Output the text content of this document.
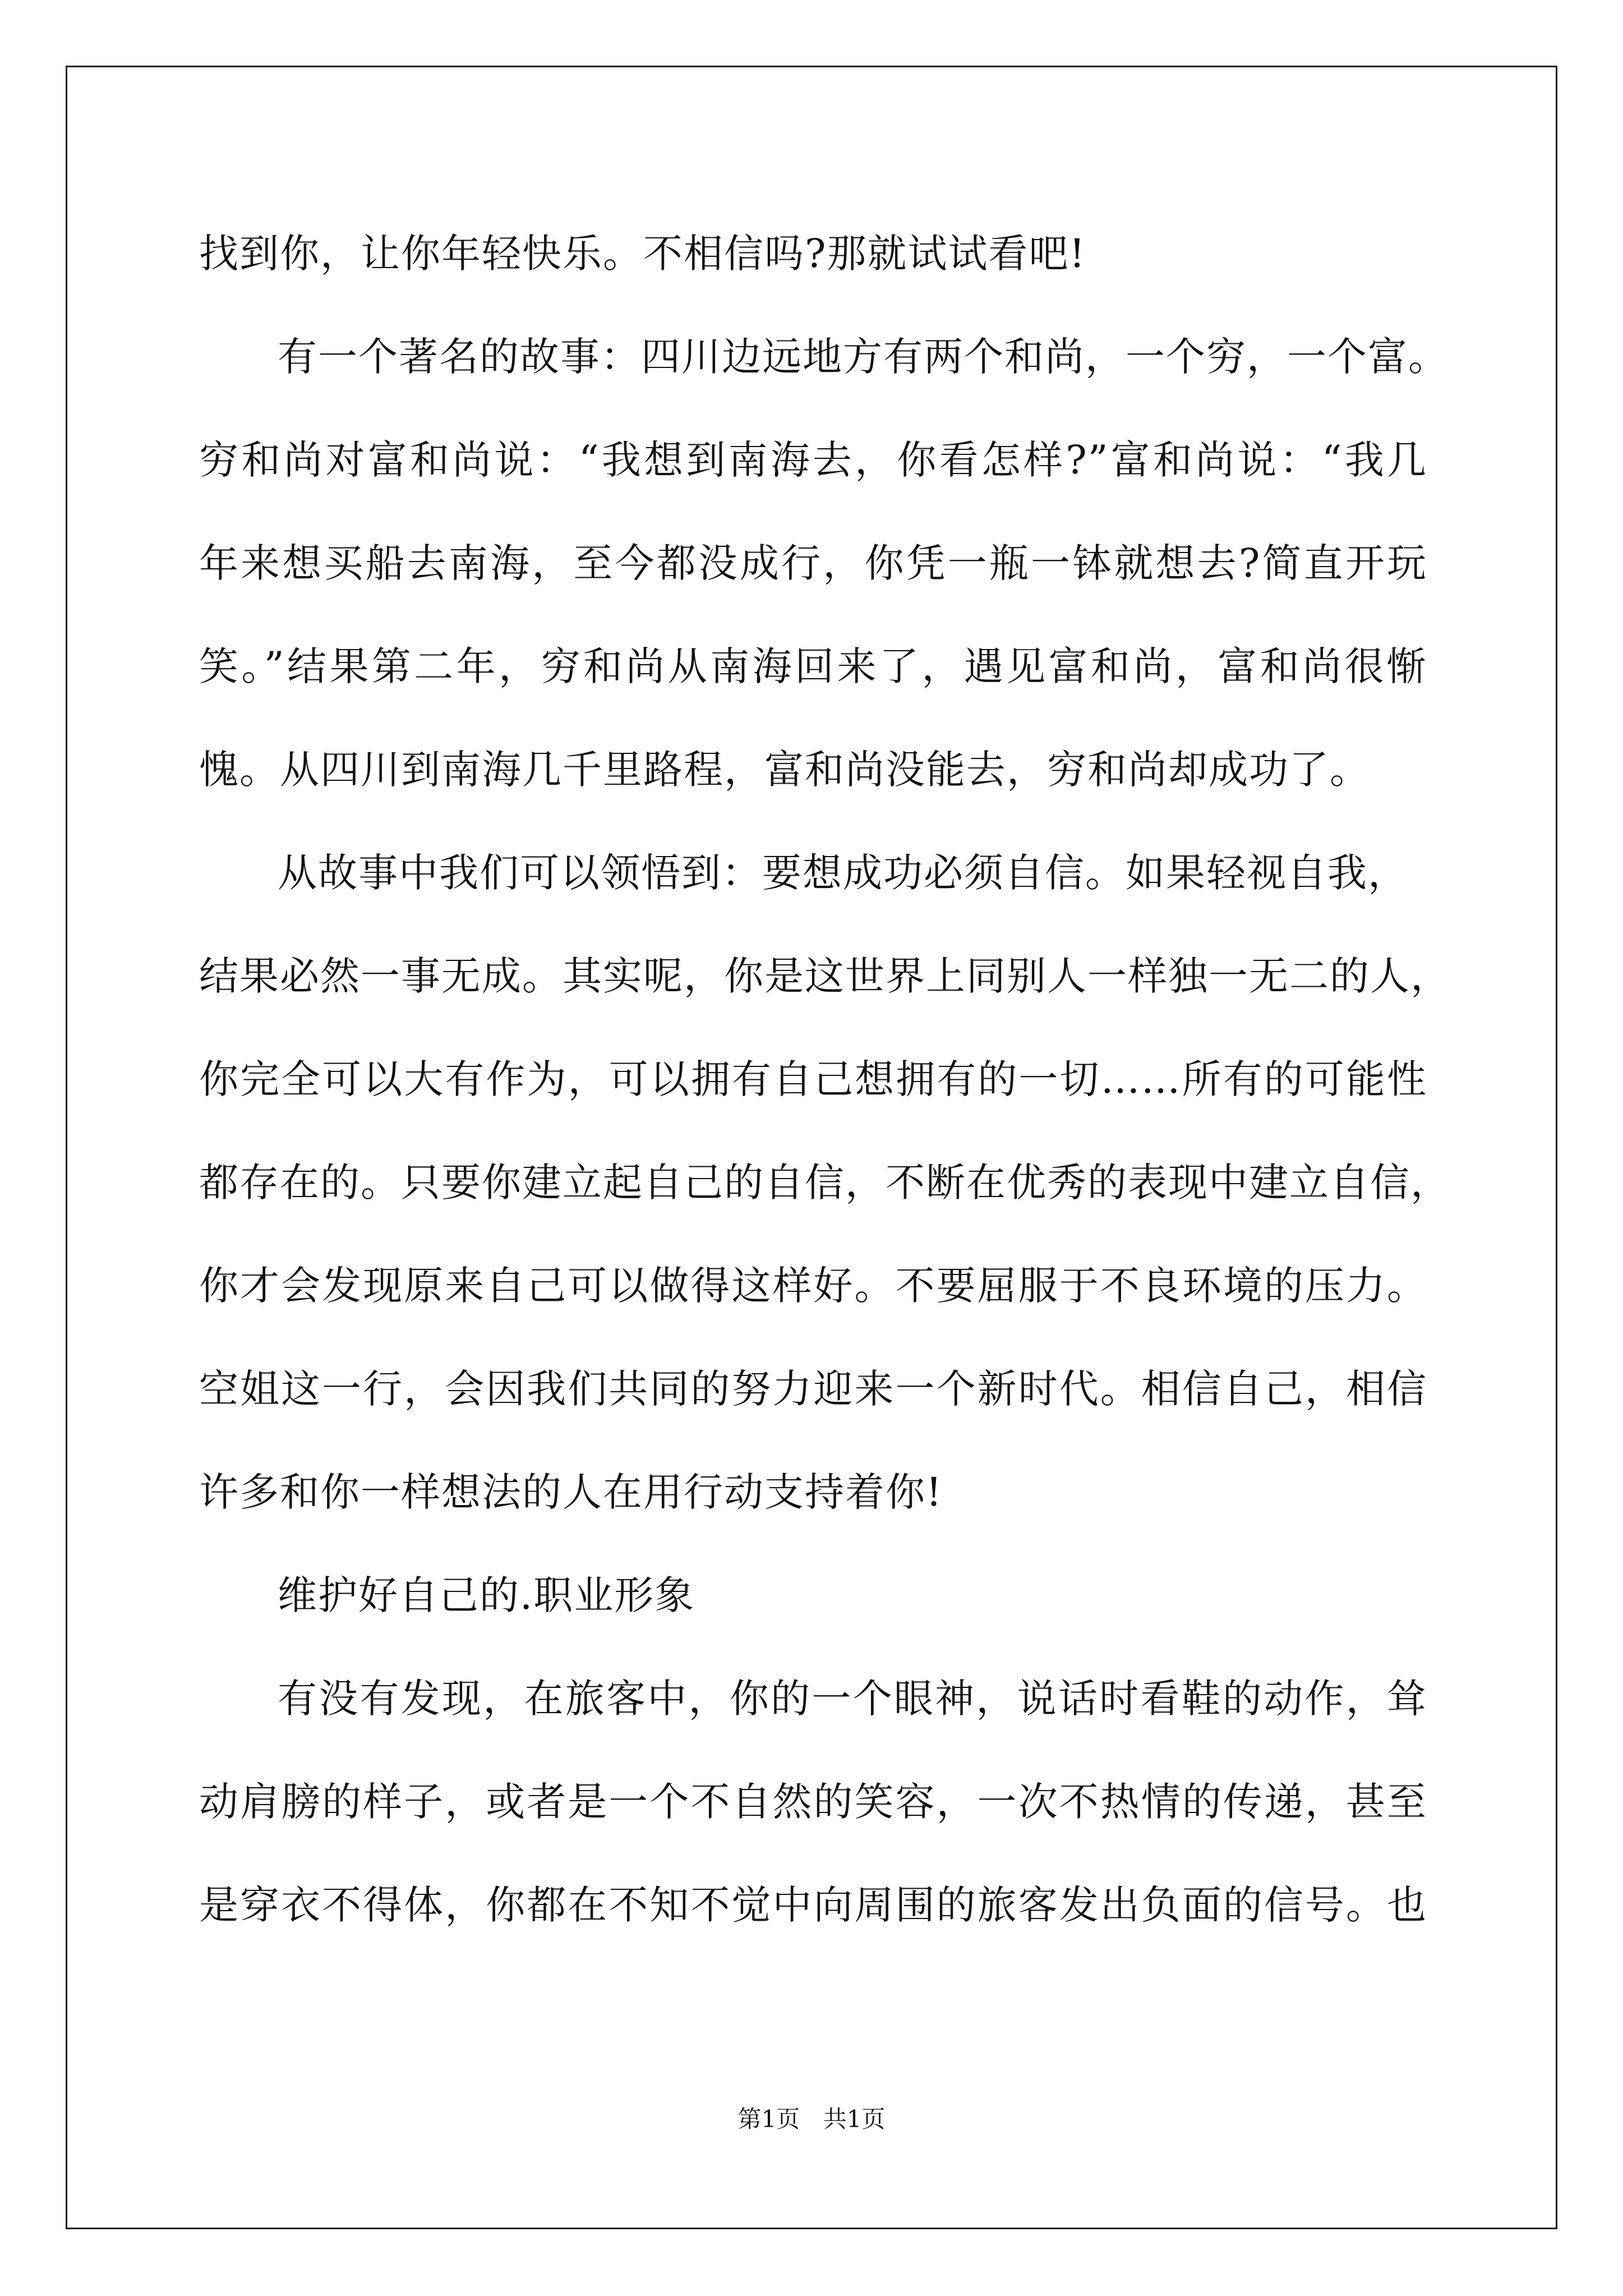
找到你，让你年轻快乐。不相信吗?那就试试看吧!
有一个著名的故事：四川边远地方有两个和尚，一个穷，一个富。
穷和尚对富和尚说：“我想到南海去，你看怎样?”富和尚说：“我几
年来想买船去南海，至今都没成行，你凭一瓶一钵就想去?简直开玩
笑。”结果第二年，穷和尚从南海回来了，遇见富和尚，富和尚很惭
愧。从四川到南海几千里路程，富和尚没能去，穷和尚却成功了。
从故事中我们可以领悟到：要想成功必须自信。如果轻视自我，
结果必然一事无成。其实呢，你是这世界上同别人一样独一无二的人，
你完全可以大有作为，可以拥有自己想拥有的一切……所有的可能性
都存在的。只要你建立起自己的自信，不断在优秀的表现中建立自信，
你才会发现原来自己可以做得这样好。不要屈服于不良环境的压力。
空姐这一行，会因我们共同的努力迎来一个新时代。相信自己，相信
许多和你一样想法的人在用行动支持着你!
维护好自己的.职业形象
有没有发现，在旅客中，你的一个眼神，说话时看鞋的动作，耸
动肩膀的样子，或者是一个不自然的笑容，一次不热情的传递，甚至
是穿衣不得体，你都在不知不觉中向周围的旅客发出负面的信号。也
第1页 共1页
